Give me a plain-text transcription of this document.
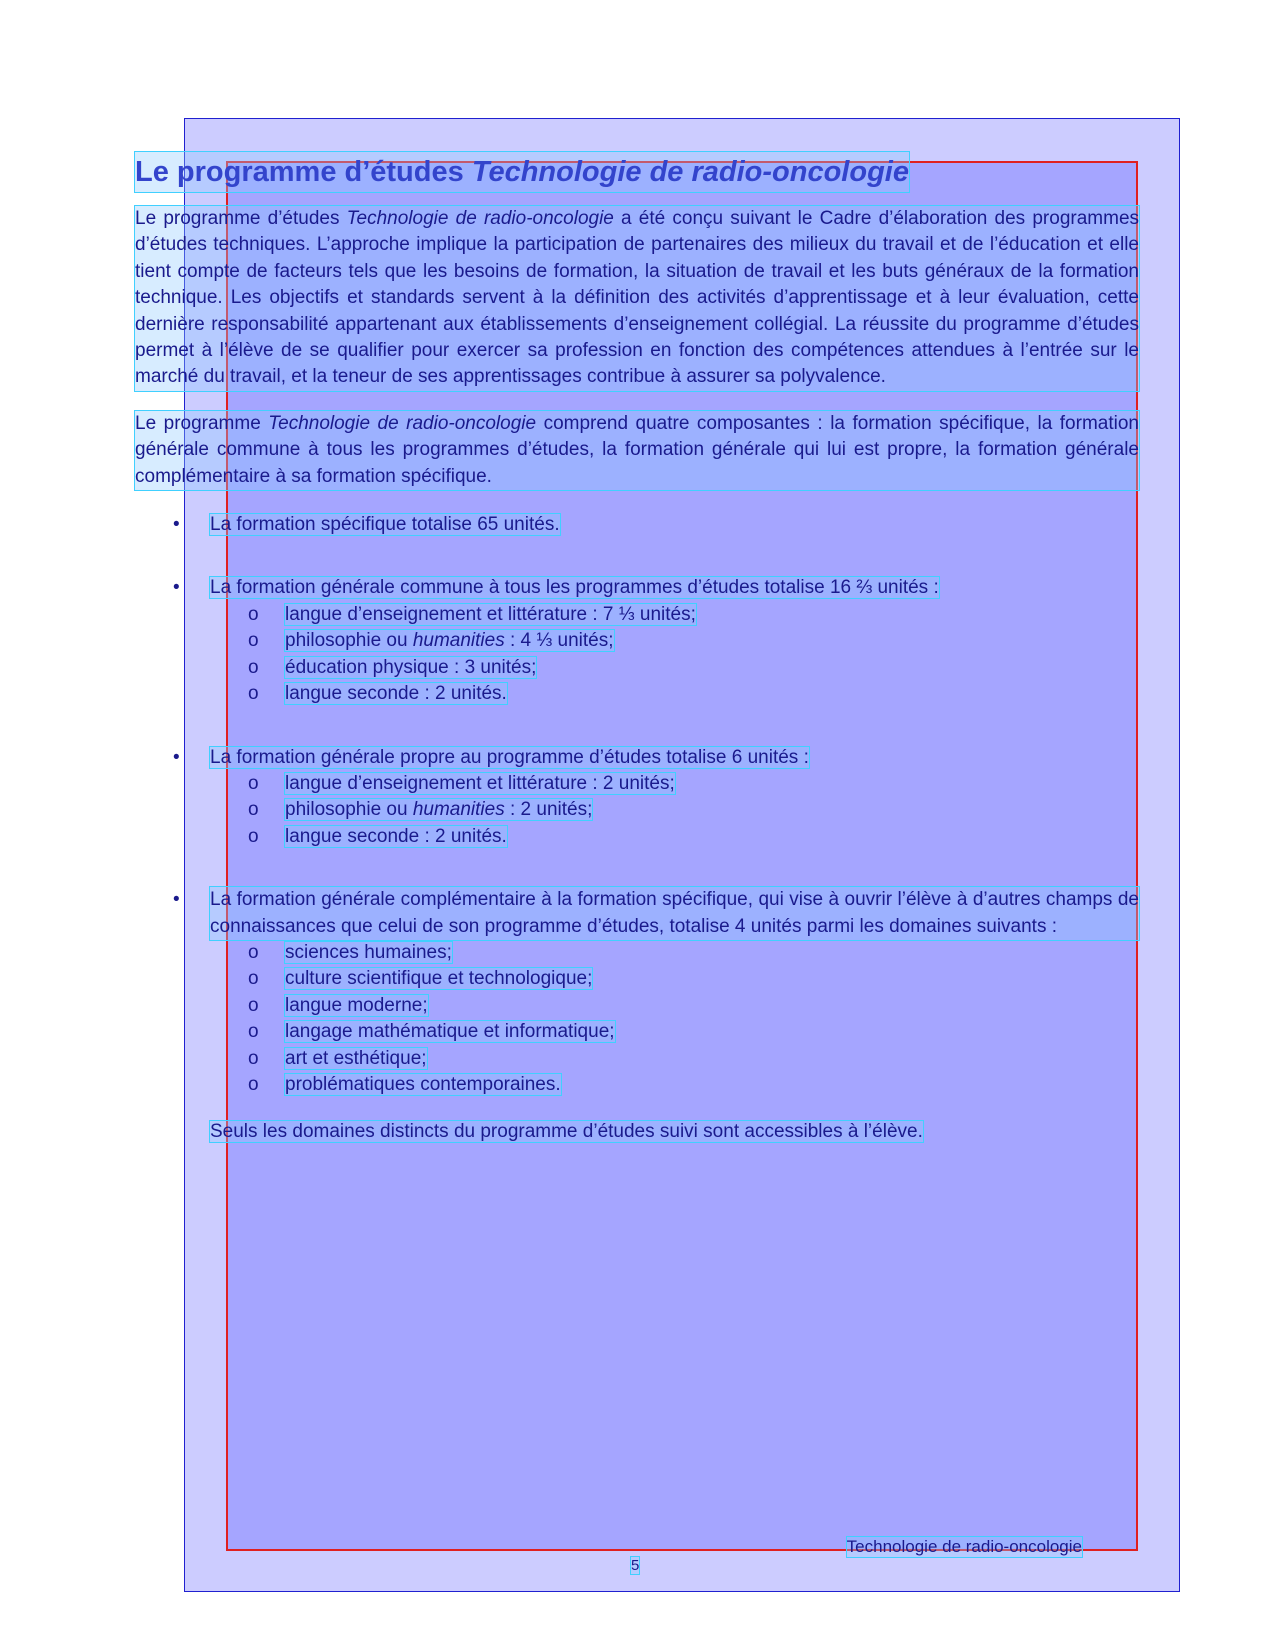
Le programme d’études Technologie de radio-oncologie

Le programme d’études Technologie de radio-oncologie a été conçu suivant le Cadre d’élaboration des programmes d’études techniques. L’approche implique la participation de partenaires des milieux du travail et de l’éducation et elle tient compte de facteurs tels que les besoins de formation, la situation de travail et les buts généraux de la formation technique. Les objectifs et standards servent à la définition des activités d’apprentissage et à leur évaluation, cette dernière responsabilité appartenant aux établissements d’enseignement collégial. La réussite du programme d’études permet à l’élève de se qualifier pour exercer sa profession en fonction des compétences attendues à l’entrée sur le marché du travail, et la teneur de ses apprentissages contribue à assurer sa polyvalence.

Le programme Technologie de radio-oncologie comprend quatre composantes : la formation spécifique, la formation générale commune à tous les programmes d’études, la formation générale qui lui est propre, la formation générale complémentaire à sa formation spécifique.

• La formation spécifique totalise 65 unités.
• La formation générale commune à tous les programmes d’études totalise 16 ⅔ unités :
o langue d’enseignement et littérature : 7 ⅓ unités;
o philosophie ou humanities : 4 ⅓ unités;
o éducation physique : 3 unités;
o langue seconde : 2 unités.
• La formation générale propre au programme d’études totalise 6 unités :
o langue d’enseignement et littérature : 2 unités;
o philosophie ou humanities : 2 unités;
o langue seconde : 2 unités.
• La formation générale complémentaire à la formation spécifique, qui vise à ouvrir l’élève à d’autres champs de connaissances que celui de son programme d’études, totalise 4 unités parmi les domaines suivants :
o sciences humaines;
o culture scientifique et technologique;
o langue moderne;
o langage mathématique et informatique;
o art et esthétique;
o problématiques contemporaines.
Seuls les domaines distincts du programme d’études suivi sont accessibles à l’élève.
Technologie de radio-oncologie
5
